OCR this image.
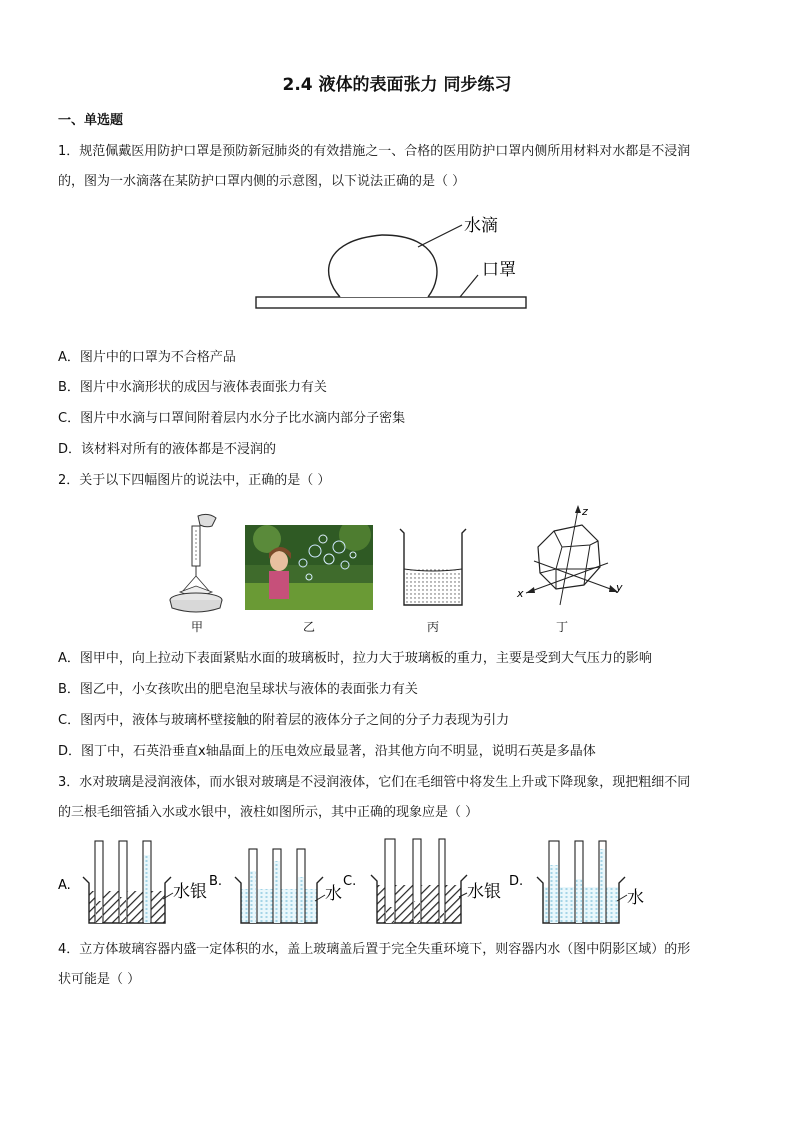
2.4 液体的表面张力 同步练习
一、单选题
1．规范佩戴医用防护口罩是预防新冠肺炎的有效措施之一、合格的医用防护口罩内侧所用材料对水都是不浸润
的，图为一水滴落在某防护口罩内侧的示意图，以下说法正确的是（ ）
水滴
口罩
A．图片中的口罩为不合格产品
B．图片中水滴形状的成因与液体表面张力有关
C．图片中水滴与口罩间附着层内水分子比水滴内部分子密集
D．该材料对所有的液体都是不浸润的
2．关于以下四幅图片的说法中，正确的是（ ）
甲	乙	丙
z
x	y
丁
A．图甲中，向上拉动下表面紧贴水面的玻璃板时，拉力大于玻璃板的重力，主要是受到大气压力的影响
B．图乙中，小女孩吹出的肥皂泡呈球状与液体的表面张力有关
C．图丙中，液体与玻璃杯壁接触的附着层的液体分子之间的分子力表现为引力
D．图丁中，石英沿垂直x轴晶面上的压电效应最显著，沿其他方向不明显，说明石英是多晶体
3．水对玻璃是浸润液体，而水银对玻璃是不浸润液体，它们在毛细管中将发生上升或下降现象，现把粗细不同
的三根毛细管插入水或水银中，液柱如图所示，其中正确的现象应是（ ）
A.	水银
B.
水
C.
水银
D.
水
4．立方体玻璃容器内盛一定体积的水，盖上玻璃盖后置于完全失重环境下，则容器内水（图中阴影区域）的形
状可能是（ ）
